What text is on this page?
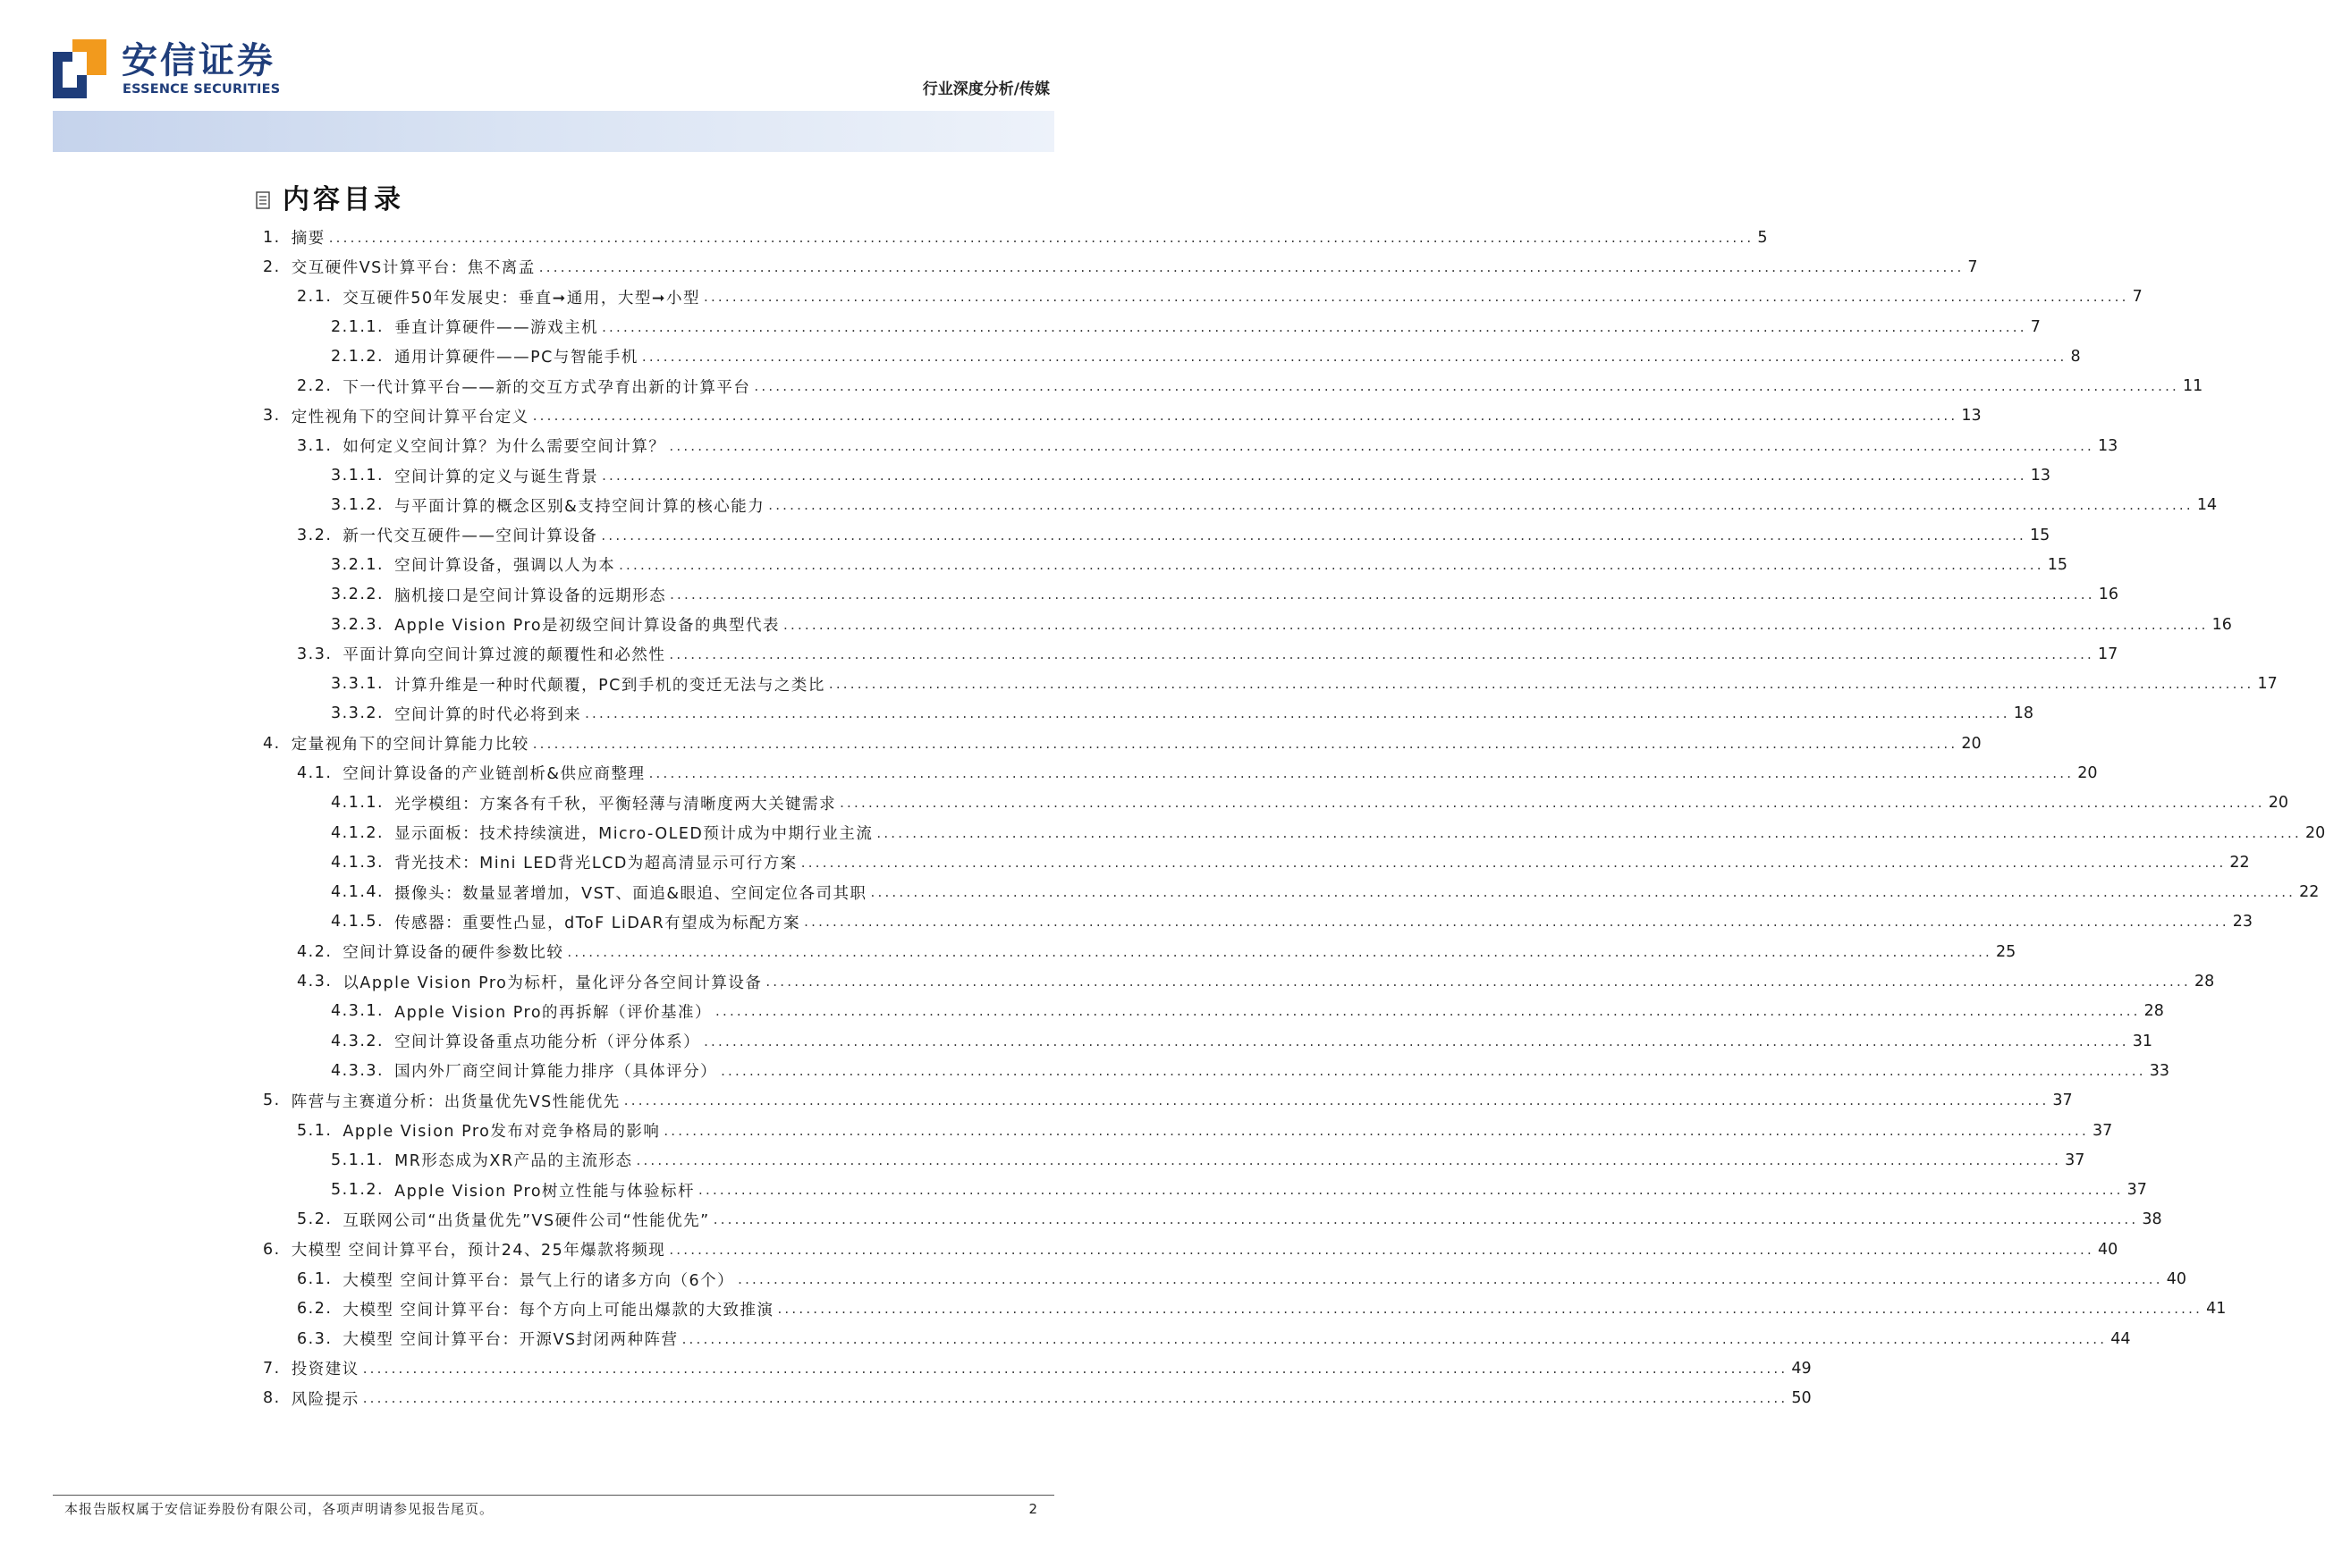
安信证券
ESSENCE SECURITIES	行业深度分析/传媒
内容目录
1. 摘要 ........................................................................................................................................................................................................ 5
2. 交互硬件VS计算平台：焦不离孟 ........................................................................................................................................................................................................ 7
2.1. 交互硬件50年发展史：垂直➞通用，大型➞小型 ........................................................................................................................................................................................................ 7
2.1.1. 垂直计算硬件——游戏主机 ........................................................................................................................................................................................................ 7
2.1.2. 通用计算硬件——PC与智能手机 ........................................................................................................................................................................................................ 8
2.2. 下一代计算平台——新的交互方式孕育出新的计算平台 ........................................................................................................................................................................................................ 11
3. 定性视角下的空间计算平台定义 ........................................................................................................................................................................................................ 13
3.1. 如何定义空间计算？为什么需要空间计算？ ........................................................................................................................................................................................................ 13
3.1.1. 空间计算的定义与诞生背景 ........................................................................................................................................................................................................ 13
3.1.2. 与平面计算的概念区别&支持空间计算的核心能力 ........................................................................................................................................................................................................ 14
3.2. 新一代交互硬件——空间计算设备 ........................................................................................................................................................................................................ 15
3.2.1. 空间计算设备，强调以人为本 ........................................................................................................................................................................................................ 15
3.2.2. 脑机接口是空间计算设备的远期形态 ........................................................................................................................................................................................................ 16
3.2.3. Apple Vision Pro是初级空间计算设备的典型代表 ........................................................................................................................................................................................................ 16
3.3. 平面计算向空间计算过渡的颠覆性和必然性 ........................................................................................................................................................................................................ 17
3.3.1. 计算升维是一种时代颠覆，PC到手机的变迁无法与之类比 ........................................................................................................................................................................................................ 17
3.3.2. 空间计算的时代必将到来 ........................................................................................................................................................................................................ 18
4. 定量视角下的空间计算能力比较 ........................................................................................................................................................................................................ 20
4.1. 空间计算设备的产业链剖析&供应商整理 ........................................................................................................................................................................................................ 20
4.1.1. 光学模组：方案各有千秋，平衡轻薄与清晰度两大关键需求 ........................................................................................................................................................................................................ 20
4.1.2. 显示面板：技术持续演进，Micro-OLED预计成为中期行业主流 ........................................................................................................................................................................................................ 20
4.1.3. 背光技术：Mini LED背光LCD为超高清显示可行方案 ........................................................................................................................................................................................................ 22
4.1.4. 摄像头：数量显著增加，VST、面追&眼追、空间定位各司其职 ........................................................................................................................................................................................................ 22
4.1.5. 传感器：重要性凸显，dToF LiDAR有望成为标配方案 ........................................................................................................................................................................................................ 23
4.2. 空间计算设备的硬件参数比较 ........................................................................................................................................................................................................ 25
4.3. 以Apple Vision Pro为标杆，量化评分各空间计算设备 ........................................................................................................................................................................................................ 28
4.3.1. Apple Vision Pro的再拆解（评价基准） ........................................................................................................................................................................................................ 28
4.3.2. 空间计算设备重点功能分析（评分体系） ........................................................................................................................................................................................................ 31
4.3.3. 国内外厂商空间计算能力排序（具体评分） ........................................................................................................................................................................................................ 33
5. 阵营与主赛道分析：出货量优先VS性能优先 ........................................................................................................................................................................................................ 37
5.1. Apple Vision Pro发布对竞争格局的影响 ........................................................................................................................................................................................................ 37
5.1.1. MR形态成为XR产品的主流形态 ........................................................................................................................................................................................................ 37
5.1.2. Apple Vision Pro树立性能与体验标杆 ........................................................................................................................................................................................................ 37
5.2. 互联网公司“出货量优先”VS硬件公司“性能优先” ........................................................................................................................................................................................................ 38
6. 大模型 空间计算平台，预计24、25年爆款将频现 ........................................................................................................................................................................................................ 40
6.1. 大模型 空间计算平台：景气上行的诸多方向（6个） ........................................................................................................................................................................................................ 40
6.2. 大模型 空间计算平台：每个方向上可能出爆款的大致推演 ........................................................................................................................................................................................................ 41
6.3. 大模型 空间计算平台：开源VS封闭两种阵营 ........................................................................................................................................................................................................ 44
7. 投资建议 ........................................................................................................................................................................................................ 49
8. 风险提示 ........................................................................................................................................................................................................ 50
本报告版权属于安信证券股份有限公司，各项声明请参见报告尾页。	2
